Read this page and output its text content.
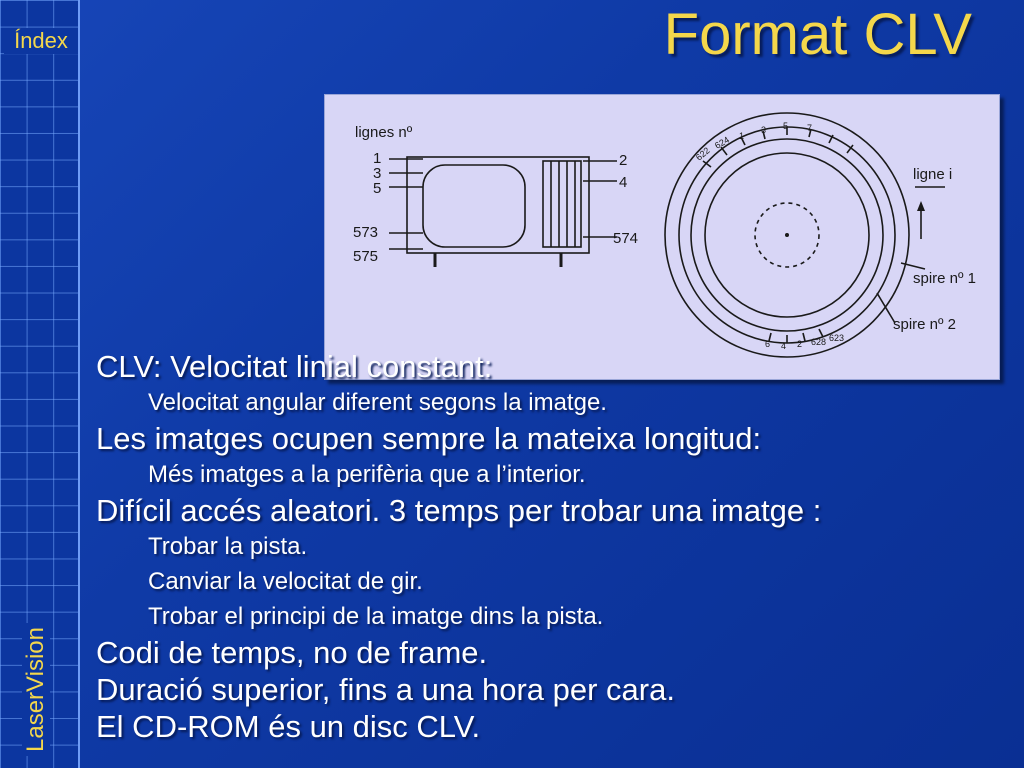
Índex
LaserVision
Format CLV
lignes nº
1
3
5
573
575
2
4
574
ligne i
spire nº 1
spire nº 2
622
624 1
3 5 7
6 4 2 628 623
CLV: Velocitat linial constant:
Velocitat angular diferent segons la imatge.
Les imatges ocupen sempre la mateixa longitud:
Més imatges a la perifèria que a l’interior.
Difícil accés aleatori. 3 temps per trobar una imatge :
Trobar la pista.
Canviar la velocitat de gir.
Trobar el principi de la imatge dins la pista.
Codi de temps, no de frame.
Duració superior, fins a una hora per cara.
El CD-ROM és un disc CLV.
